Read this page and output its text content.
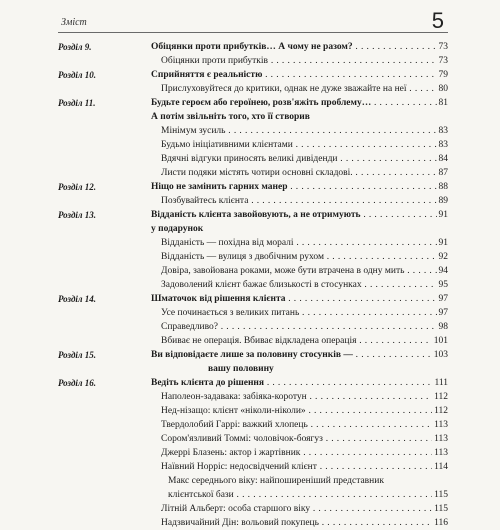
Зміст	5
Розділ 9.	Обіцянки проти прибутків… А чому не разом? . . .	73
Обіцянки проти прибутків . . .	73
Розділ 10.	Сприйняття є реальністю . . .	79
Прислуховуйтеся до критики, однак не дуже зважайте на неї . . .	80
Розділ 11.	Будьте героєм або героїнею, розв'яжіть проблему… . . .	81
А потім звільніть того, хто її створив
Мінімум зусиль . . .	83
Будьмо ініціативними клієнтами . . .	83
Вдячні відгуки приносять великі дивіденди . . .	84
Листи подяки містять чотири основні складові. . . .	87
Розділ 12.	Ніщо не замінить гарних манер . . .	88
Позбувайтесь клієнта . . .	89
Розділ 13.	Відданість клієнта завойовують, а не отримують . . .	91
у подарунок
Відданість — похідна від моралі . . .	91
Відданість — вулиця з двобічним рухом . . .	92
Довіра, завойована роками, може бути втрачена в одну мить . . .	94
Задоволений клієнт бажає близькості в стосунках . . .	95
Розділ 14.	Шматочок від рішення клієнта . . .	97
Усе починається з великих питань . . .	97
Справедливо? . . .	98
Вбиває не операція. Вбиває відкладена операція . . .	101
Розділ 15.	Ви відповідаєте лише за половину стосунків — . . .	103
вашу половину
Розділ 16.	Ведіть клієнта до рішення . . .	111
Наполеон-задавака: забіяка-коротун . . .	112
Нед-нізащо: клієнт «ніколи-ніколи» . . .	112
Твердолобий Гаррі: важкий хлопець . . .	113
Сором'язливий Томмі: чоловічок-боягуз . . .	113
Джеррі Блазень: актор і жартівник . . .	113
Наївний Норріс: недосвідчений клієнт . . .	114
Макс середнього віку: найпоширеніший представник
клієнтської бази . . .	115
Літній Альберт: особа старшого віку . . .	115
Надзвичайний Дін: вольовий покупець . . .	116
